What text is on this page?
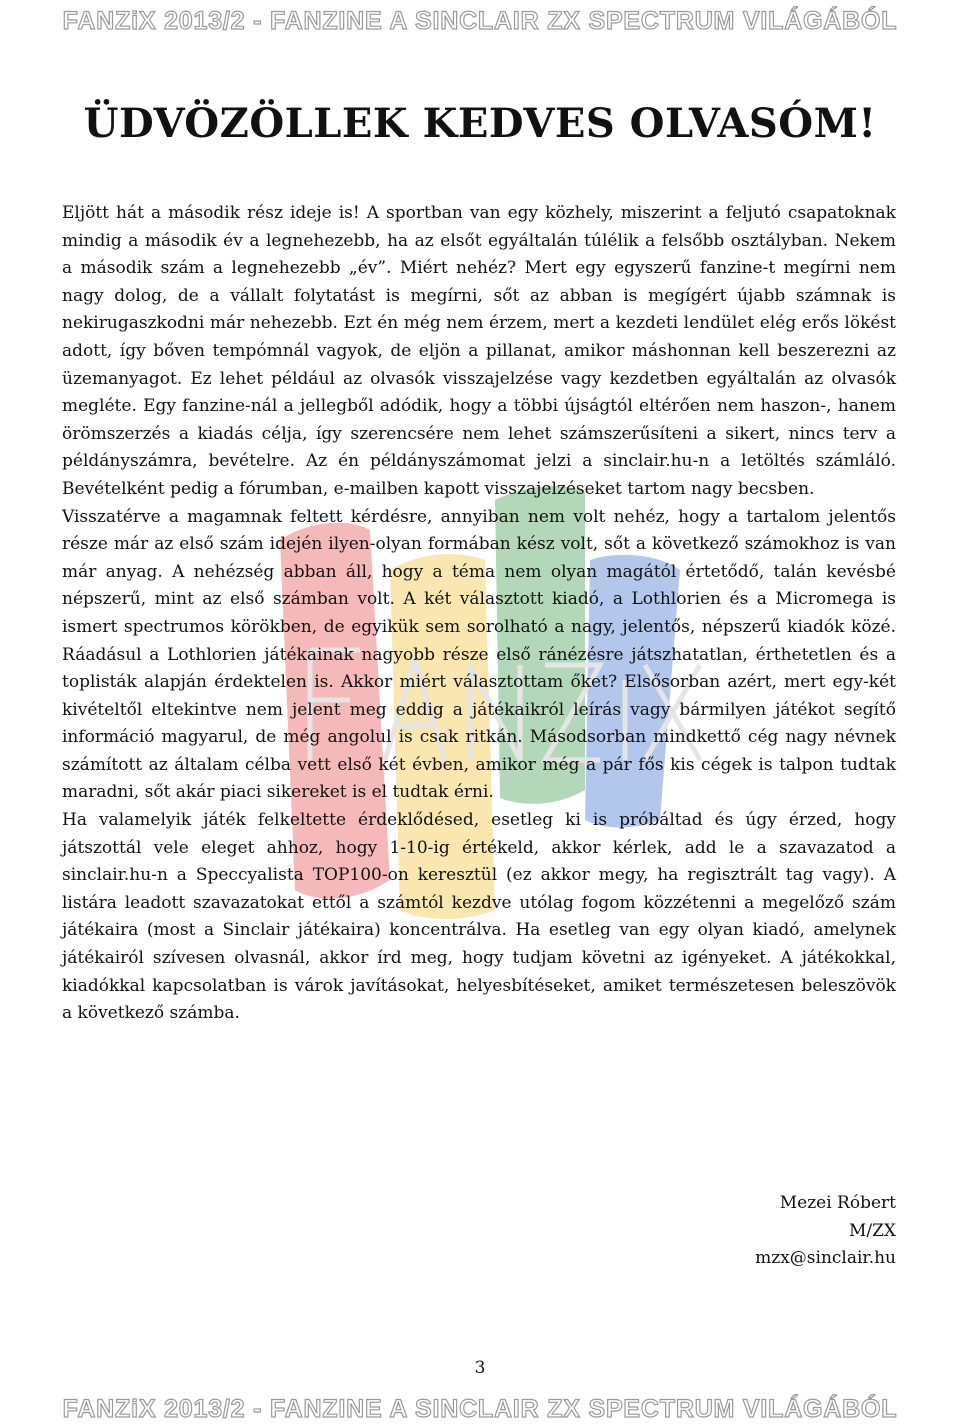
FANZiX 2013/2 - FANZINE A SINCLAIR ZX SPECTRUM VILÁGÁBÓL
ÜDVÖZÖLLEK KEDVES OLVASÓM!

Eljött hát a második rész ideje is! A sportban van egy közhely, miszerint a feljutó csapatoknak mindig a második év a legnehezebb, ha az elsőt egyáltalán túlélik a felsőbb osztályban. Nekem a második szám a legnehezebb „év”. Miért nehéz? Mert egy egyszerű fanzine-t megírni nem nagy dolog, de a vállalt folytatást is megírni, sőt az abban is megígért újabb számnak is nekirugaszkodni már nehezebb. Ezt én még nem érzem, mert a kezdeti lendület elég erős lökést adott, így bőven tempómnál vagyok, de eljön a pillanat, amikor máshonnan kell beszerezni az üzemanyagot. Ez lehet például az olvasók visszajelzése vagy kezdetben egyáltalán az olvasók megléte. Egy fanzine-nál a jellegből adódik, hogy a többi újságtól eltérően nem haszon-, hanem örömszerzés a kiadás célja, így szerencsére nem lehet számszerűsíteni a sikert, nincs terv a példányszámra, bevételre. Az én példányszámomat jelzi a sinclair.hu-n a letöltés számláló. Bevételként pedig a fórumban, e-mailben kapott visszajelzéseket tartom nagy becsben.

Visszatérve a magamnak feltett kérdésre, annyiban nem volt nehéz, hogy a tartalom jelentős része már az első szám idején ilyen-olyan formában kész volt, sőt a következő számokhoz is van már anyag. A nehézség abban áll, hogy a téma nem olyan magától értetődő, talán kevésbé népszerű, mint az első számban volt. A két választott kiadó, a Lothlorien és a Micromega is ismert spectrumos körökben, de egyikük sem sorolható a nagy, jelentős, népszerű kiadók közé. Ráadásul a Lothlorien játékainak nagyobb része első ránézésre játszhatatlan, érthetetlen és a toplisták alapján érdektelen is. Akkor miért választottam őket? Elsősorban azért, mert egy-két kivételtől eltekintve nem jelent meg eddig a játékaikról leírás vagy bármilyen játékot segítő információ magyarul, de még angolul is csak ritkán. Másodsorban mindkettő cég nagy névnek számított az általam célba vett első két évben, amikor még a pár fős kis cégek is talpon tudtak maradni, sőt akár piaci sikereket is el tudtak érni.

Ha valamelyik játék felkeltette érdeklődésed, esetleg ki is próbáltad és úgy érzed, hogy játszottál vele eleget ahhoz, hogy 1-10-ig értékeld, akkor kérlek, add le a szavazatod a sinclair.hu-n a Speccyalista TOP100-on keresztül (ez akkor megy, ha regisztrált tag vagy). A listára leadott szavazatokat ettől a számtól kezdve utólag fogom közzétenni a megelőző szám játékaira (most a Sinclair játékaira) koncentrálva. Ha esetleg van egy olyan kiadó, amelynek játékairól szívesen olvasnál, akkor írd meg, hogy tudjam követni az igényeket. A játékokkal, kiadókkal kapcsolatban is várok javításokat, helyesbítéseket, amiket természetesen beleszövök a következő számba.

Mezei Róbert
M/ZX
mzx@sinclair.hu
3
FANZiX 2013/2 - FANZINE A SINCLAIR ZX SPECTRUM VILÁGÁBÓL
